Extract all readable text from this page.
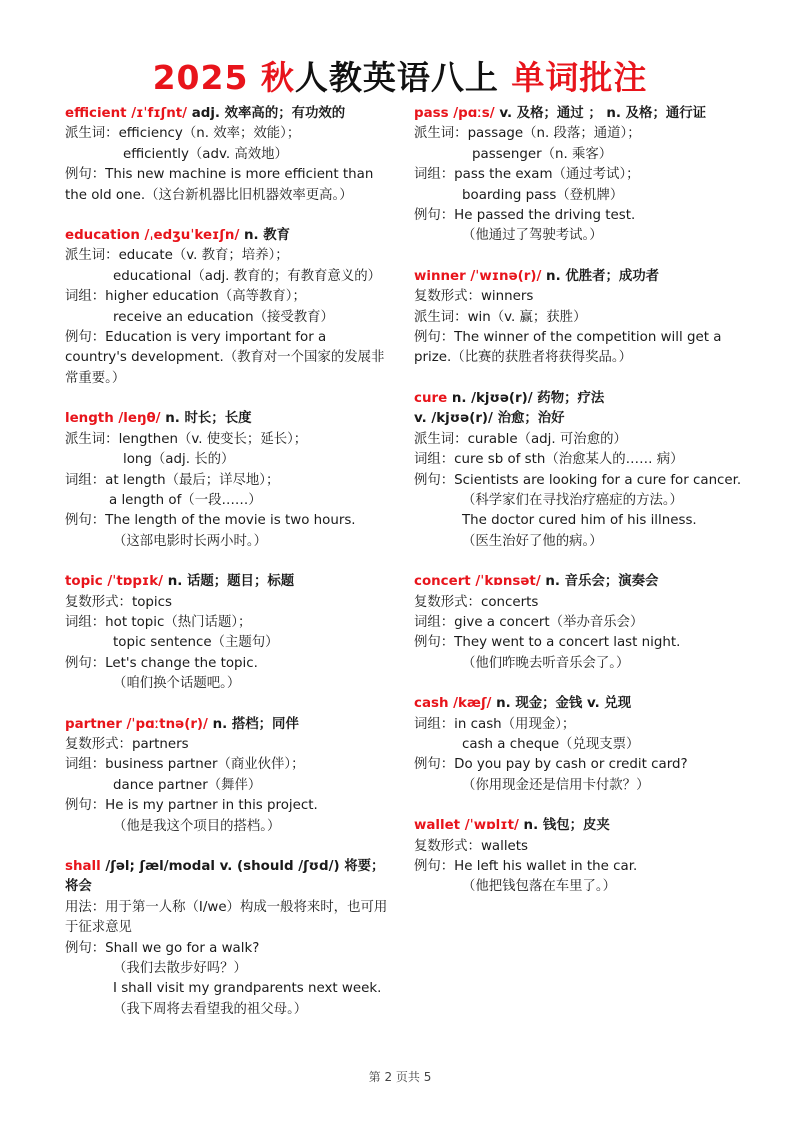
2025 秋人教英语八上 单词批注
efficient /ɪˈfɪʃnt/ adj. 效率高的；有功效的
派生词：efficiency（n. 效率；效能）；
efficiently（adv. 高效地）
例句：This new machine is more efficient than the old one.（这台新机器比旧机器效率更高。）
education /ˌedʒuˈkeɪʃn/ n. 教育
派生词：educate（v. 教育；培养）；
educational（adj. 教育的；有教育意义的）
词组：higher education（高等教育）；
receive an education（接受教育）
例句：Education is very important for a country's development.（教育对一个国家的发展非常重要。）
length /leŋθ/ n. 时长；长度
派生词：lengthen（v. 使变长；延长）；
long（adj. 长的）
词组：at length（最后；详尽地）；
a length of（一段……）
例句：The length of the movie is two hours.
（这部电影时长两小时。）
topic /ˈtɒpɪk/ n. 话题；题目；标题
复数形式：topics
词组：hot topic（热门话题）；
topic sentence（主题句）
例句：Let's change the topic.
（咱们换个话题吧。）
partner /ˈpɑːtnə(r)/ n. 搭档；同伴
复数形式：partners
词组：business partner（商业伙伴）；
dance partner（舞伴）
例句：He is my partner in this project.
（他是我这个项目的搭档。）
shall /ʃəl; ʃæl/modal v. (should /ʃʊd/) 将要；将会
用法：用于第一人称（I/we）构成一般将来时，也可用于征求意见
例句：Shall we go for a walk?
（我们去散步好吗？）
I shall visit my grandparents next week.
（我下周将去看望我的祖父母。）
pass /pɑːs/ v. 及格；通过 ； n. 及格；通行证
派生词：passage（n. 段落；通道）；
passenger（n. 乘客）
词组：pass the exam（通过考试）；
boarding pass（登机牌）
例句：He passed the driving test.
（他通过了驾驶考试。）
winner /ˈwɪnə(r)/ n. 优胜者；成功者
复数形式：winners
派生词：win（v. 赢；获胜）
例句：The winner of the competition will get a prize.（比赛的获胜者将获得奖品。）
cure n. /kjʊə(r)/ 药物；疗法
v. /kjʊə(r)/ 治愈；治好
派生词：curable（adj. 可治愈的）
词组：cure sb of sth（治愈某人的…… 病）
例句：Scientists are looking for a cure for cancer.
（科学家们在寻找治疗癌症的方法。）
The doctor cured him of his illness.
（医生治好了他的病。）
concert /ˈkɒnsət/ n. 音乐会；演奏会
复数形式：concerts
词组：give a concert（举办音乐会）
例句：They went to a concert last night.
（他们昨晚去听音乐会了。）
cash /kæʃ/ n. 现金；金钱 v. 兑现
词组：in cash（用现金）；
cash a cheque（兑现支票）
例句：Do you pay by cash or credit card?
（你用现金还是信用卡付款？）
wallet /ˈwɒlɪt/ n. 钱包；皮夹
复数形式：wallets
例句：He left his wallet in the car.
（他把钱包落在车里了。）
第 2 页共 5
